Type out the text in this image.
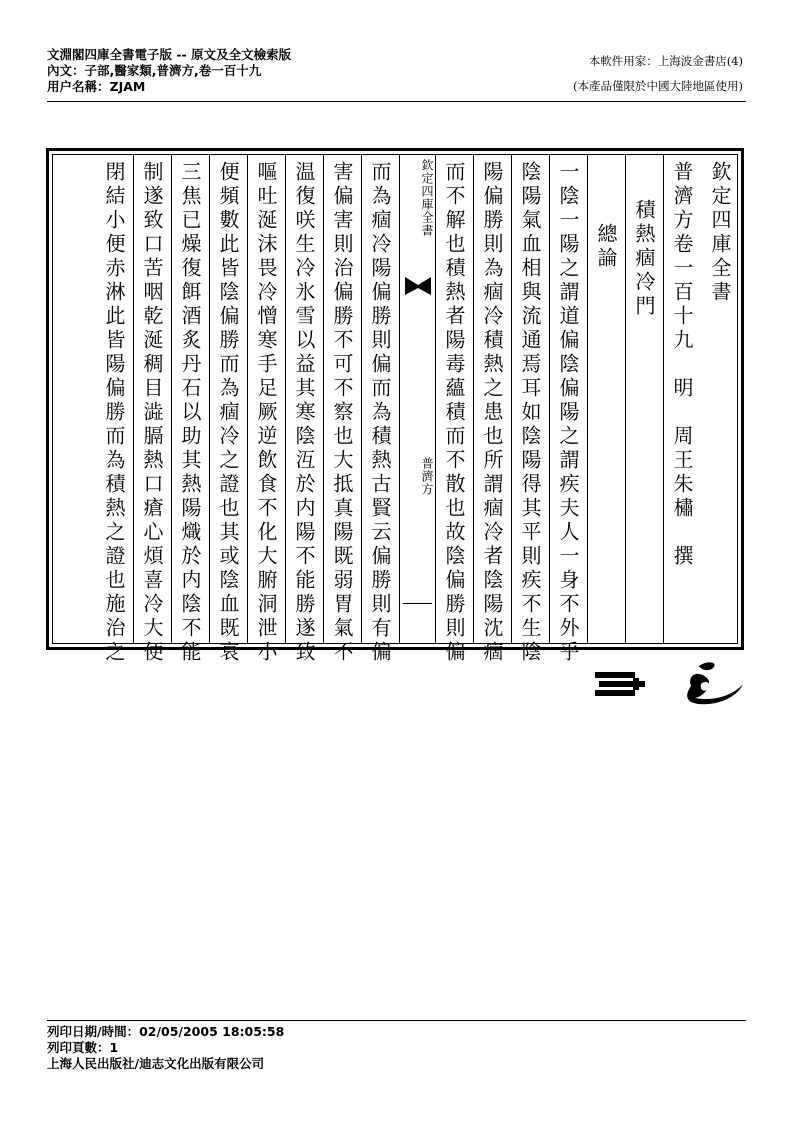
文淵閣四庫全書電子版 -- 原文及全文檢索版
內文：子部,醫家類,普濟方,卷一百十九
用户名稱：ZJAM
本軟件用家：上海波金書店(4)
(本產品僅限於中國大陸地區使用)
欽定四庫全書
普濟方卷一百十九　明　周王朱橚　撰
積熱痼冷門
總論
一陰一陽之謂道偏陰偏陽之謂疾夫人一身不外乎
陰陽氣血相與流通焉耳如陰陽得其平則疾不生陰
陽偏勝則為痼冷積熱之患也所謂痼冷者陰陽沈痼
而不解也積熱者陽毒蘊積而不散也故陰偏勝則偏
欽定四庫全書
普濟方
而為痼冷陽偏勝則偏而為積熱古賢云偏勝則有偏
害偏害則治偏勝不可不察也大抵真陽既弱胃氣不
温復咲生冷氷雪以益其寒陰沍於内陽不能勝遂致
嘔吐涎沫畏冷憎寒手足厥逆飲食不化大腑洞泄小
便頻數此皆陰偏勝而為痼冷之證也其或陰血既衰
三焦已燥復餌酒炙丹石以助其熱陽熾於内陰不能
制遂致口苦咽乾涎稠目澁膈熱口瘡心煩喜冷大便
閉結小便赤淋此皆陽偏勝而為積熱之證也施治之
列印日期/時間：02/05/2005 18:05:58
列印頁數：1
上海人民出版社/迪志文化出版有限公司
